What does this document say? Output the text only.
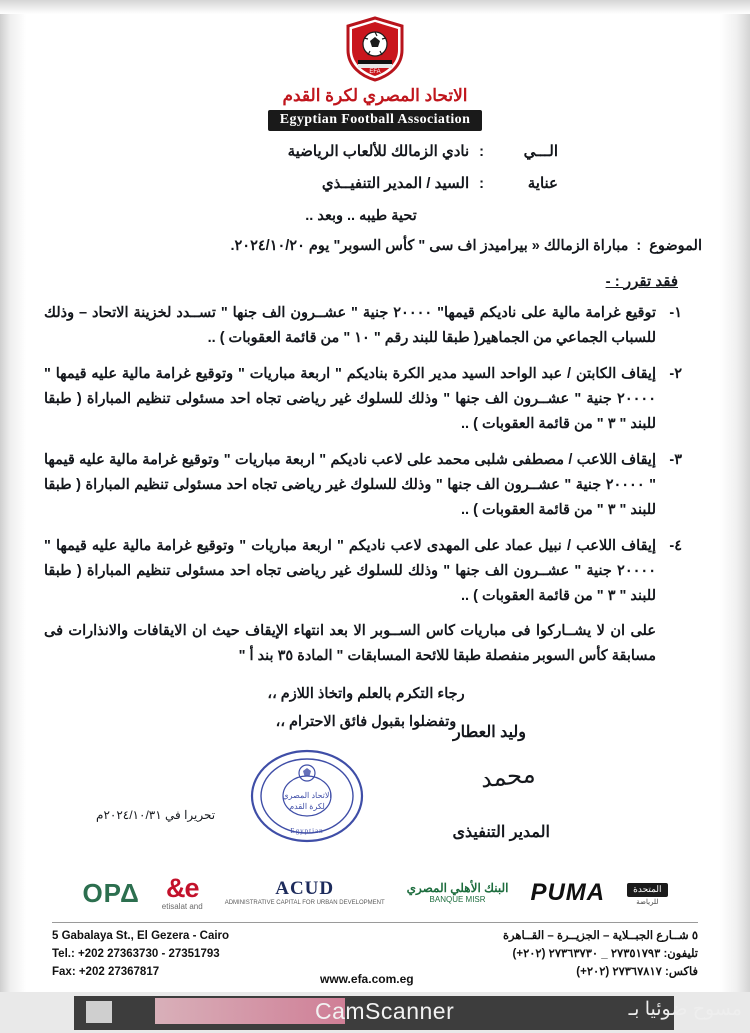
EFA
الاتحاد المصري لكرة القدم
Egyptian Football Association
الـــي
:
نادي الزمالك للألعاب الرياضية
عناية
:
السيد / المدير التنفيــذي
تحية طيبه .. وبعد ..
الموضوع
:
مباراة الزمالك « بيراميدز اف سى " كأس السوبر" يوم ٢٠٢٤/١٠/٢٠.
فقد تقرر : -
١-
توقيع غرامة مالية على ناديكم قيمها" ٢٠٠٠٠ جنية " عشــرون الف جنها " تســدد لخزينة الاتحاد – وذلك للسباب الجماعي من الجماهير( طبقا للبند رقم " ١٠ " من قائمة العقوبات ) ..
٢-
إيقاف الكابتن / عبد الواحد السيد مدير الكرة بناديكم " اربعة مباريات " وتوقيع غرامة مالية عليه قيمها " ٢٠٠٠٠ جنية " عشــرون الف جنها " وذلك للسلوك غير رياضى تجاه احد مسئولى تنظيم المباراة ( طبقا للبند " ٣ " من قائمة العقوبات ) ..
٣-
إيقاف اللاعب / مصطفى شلبى محمد على لاعب ناديكم " اربعة مباريات " وتوقيع غرامة مالية عليه قيمها " ٢٠٠٠٠ جنية " عشــرون الف جنها " وذلك للسلوك غير رياضى تجاه احد مسئولى تنظيم المباراة ( طبقا للبند " ٣ " من قائمة العقوبات ) ..
٤-
إيقاف اللاعب / نبيل عماد على المهدى لاعب ناديكم " اربعة مباريات " وتوقيع غرامة مالية عليه قيمها " ٢٠٠٠٠ جنية " عشــرون الف جنها " وذلك للسلوك غير رياضى تجاه احد مسئولى تنظيم المباراة ( طبقا للبند " ٣ " من قائمة العقوبات ) ..
على ان لا يشــاركوا فى مباريات كاس الســوبر الا بعد انتهاء الإيقاف حيث ان الايقافات والانذارات فى مسابقة كأس السوبر منفصلة طبقا للائحة المسابقات " المادة ٣٥ بند أ "
رجاء التكرم بالعلم واتخاذ اللازم ،،
وتفضلوا بقبول فائق الاحترام ،،
وليد العطار
ﻣﺤﻤﺪ
المدير التنفيذى
تحريرا في ٢٠٢٤/١٠/٣١م
الاتحاد المصري
لكرة القدم
Egyptian
ΟΡΔ e&
etisalat and
ACUD
ADMINISTRATIVE CAPITAL FOR URBAN DEVELOPMENT
البنك الأهلي المصري
BANQUE MISR	PUMA	المتحدة
للرياضة
5 Gabalaya St., El Gezera - Cairo
Tel.: +202 27363730 - 27351793
Fax: +202 27367817
٥ شــارع الجبــلاية – الجزيــرة – القــاهرة
تليفون: ٢٧٣٥١٧٩٣ _ ٢٧٣٦٣٧٣٠ (٢٠٢+)
فاكس: ٢٧٣٦٧٨١٧ (٢٠٢+)
www.efa.com.eg
CamScanner	مسوح ضوئيا بـ
